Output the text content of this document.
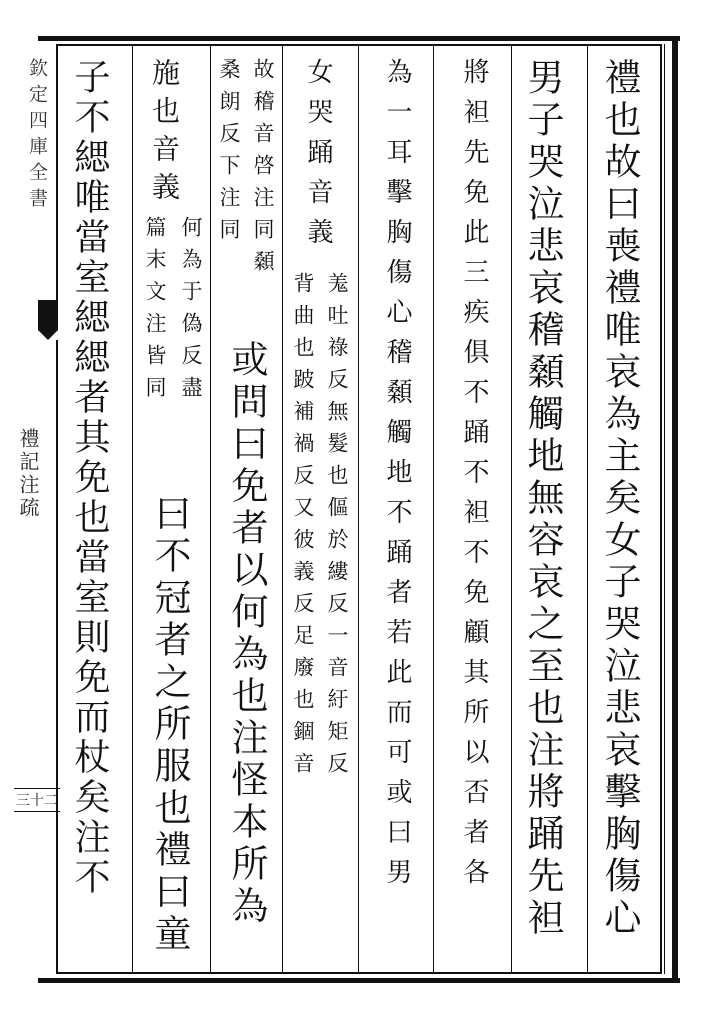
欽定四庫全書
禮記注疏
三十二	禮也故曰喪禮唯哀為主矣女子哭泣悲哀擊胸傷心
男子哭泣悲哀稽顙觸地無容哀之至也注將踊先袒
將袒先免此三疾俱不踊不袒不免顧其所以否者各
為一耳擊胸傷心稽顙觸地不踊者若此而可或曰男
女哭踊音義
羗吐祿反無髮也傴於縷反一音紆矩反
背曲也跛補禍反又彼義反足廢也錮音
故稽音啓注同顙
桑朗反下注同
或問曰免者以何為也注怪本所為
施也音義
何為于偽反盡
篇末文注皆同
曰不冠者之所服也禮曰童
子不緦唯當室緦緦者其免也當室則免而杖矣注不
